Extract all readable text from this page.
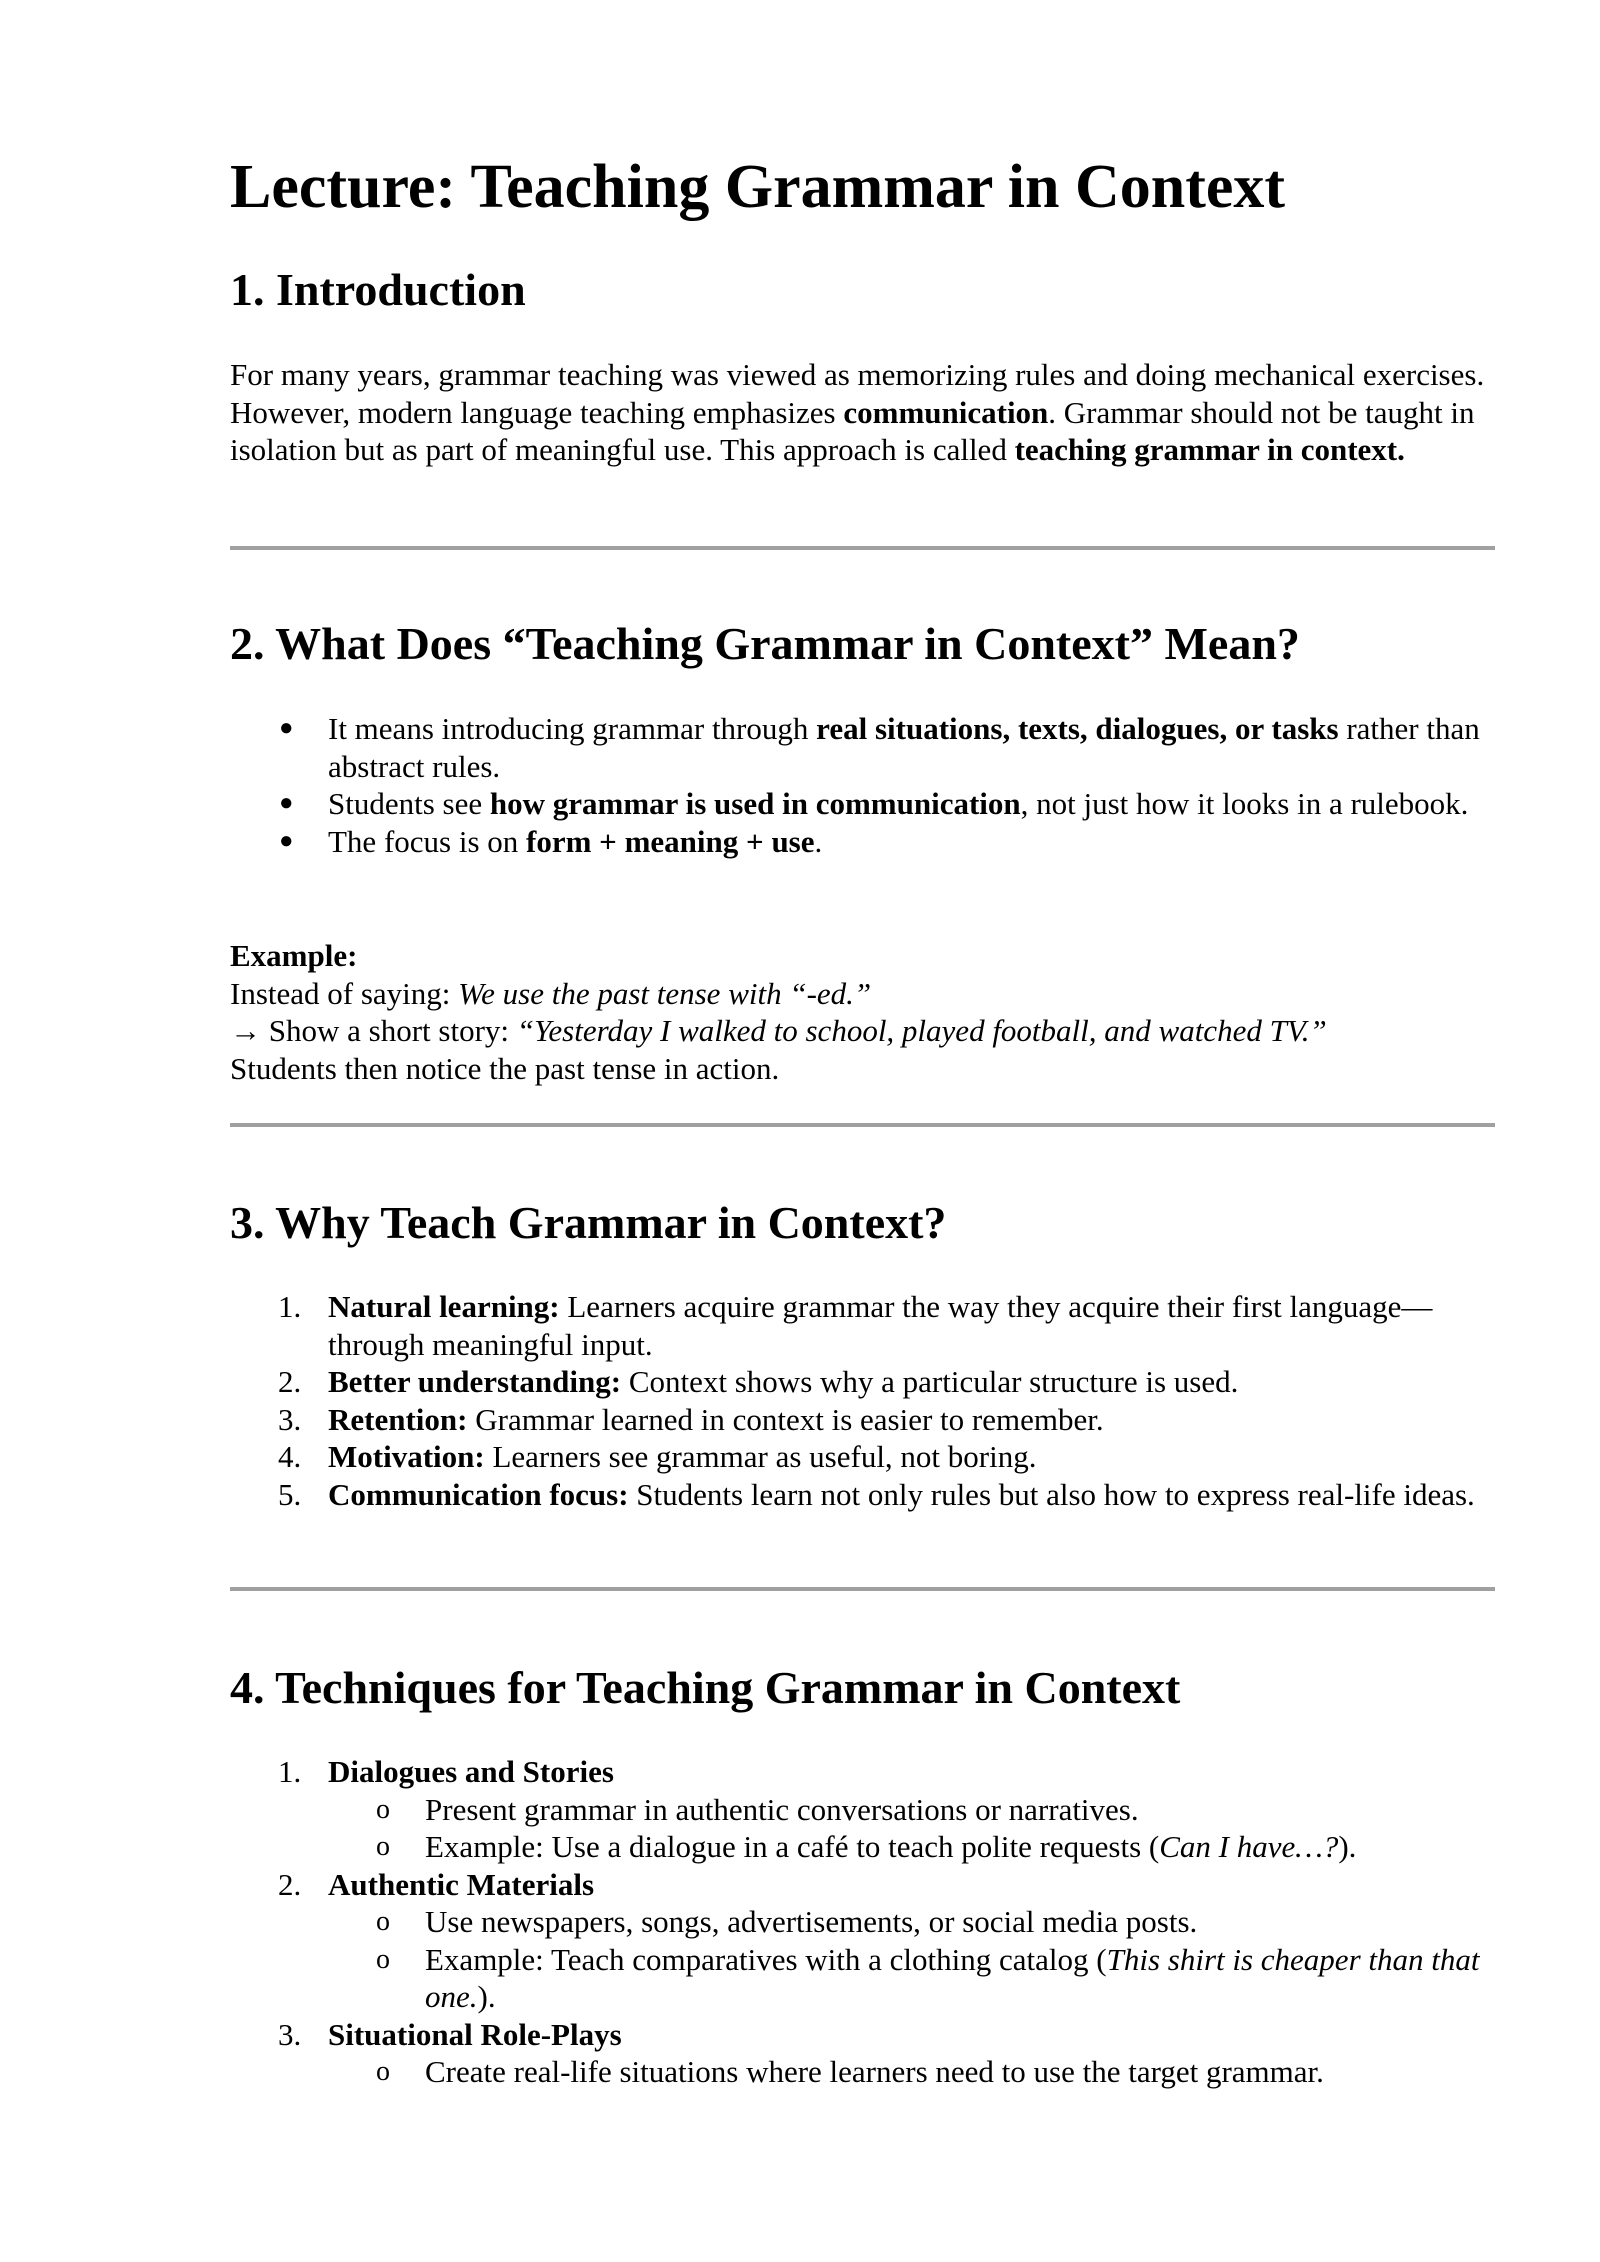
Lecture: Teaching Grammar in Context
1. Introduction

For many years, grammar teaching was viewed as memorizing rules and doing mechanical exercises. However, modern language teaching emphasizes communication. Grammar should not be taught in isolation but as part of meaningful use. This approach is called teaching grammar in context.

2. What Does “Teaching Grammar in Context” Mean?
● It means introducing grammar through real situations, texts, dialogues, or tasks rather than abstract rules.
● Students see how grammar is used in communication, not just how it looks in a rulebook.
● The focus is on form + meaning + use.

Example:

Instead of saying: We use the past tense with “-ed.”

→ Show a short story: “Yesterday I walked to school, played football, and watched TV.”

Students then notice the past tense in action.

3. Why Teach Grammar in Context?
1. Natural learning: Learners acquire grammar the way they acquire their first language—through meaningful input.
2. Better understanding: Context shows why a particular structure is used.
3. Retention: Grammar learned in context is easier to remember.
4. Motivation: Learners see grammar as useful, not boring.
5. Communication focus: Students learn not only rules but also how to express real-life ideas.
4. Techniques for Teaching Grammar in Context
1. Dialogues and Stories
o Present grammar in authentic conversations or narratives.
o Example: Use a dialogue in a café to teach polite requests (Can I have…?).
2. Authentic Materials
o Use newspapers, songs, advertisements, or social media posts.
o Example: Teach comparatives with a clothing catalog (This shirt is cheaper than that one.).
3. Situational Role-Plays
o Create real-life situations where learners need to use the target grammar.
